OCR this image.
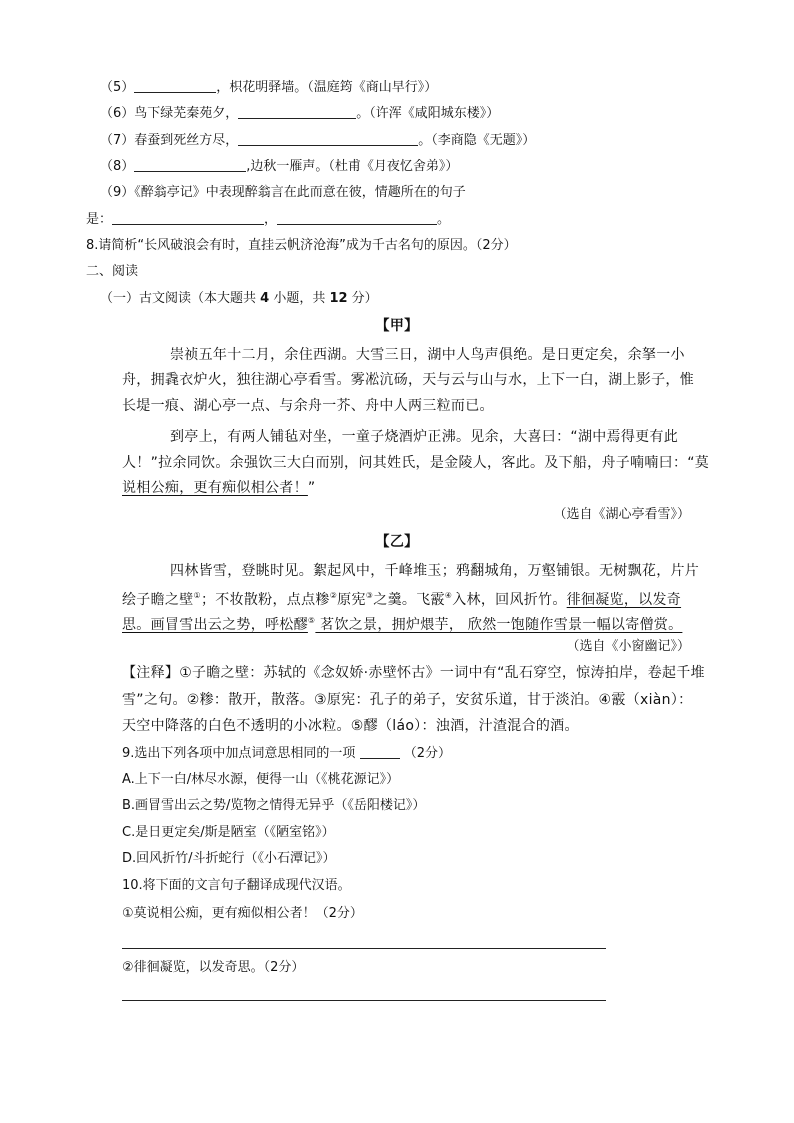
（5）	，枳花明驿墙。（温庭筠《商山早行》）
（6）鸟下绿芜秦苑夕，	。（许浑《咸阳城东楼》）
（7）春蚕到死丝方尽，	。（李商隐《无题》）
（8）	,边秋一雁声。（杜甫《月夜忆舍弟》）
（9）《醉翁亭记》中表现醉翁言在此而意在彼，情趣所在的句子
是：	，	。
8.请简析“长风破浪会有时，直挂云帆济沧海”成为千古名句的原因。（2分）
二、阅读
（一）古文阅读（本大题共 4 小题，共 12 分）
【甲】
崇祯五年十二月，余住西湖。大雪三日，湖中人鸟声俱绝。是日更定矣，余拏一小
舟，拥毳衣炉火，独往湖心亭看雪。雾凇沆砀，天与云与山与水，上下一白，湖上影子，惟
长堤一痕、湖心亭一点、与余舟一芥、舟中人两三粒而已。
到亭上，有两人铺毡对坐，一童子烧酒炉正沸。见余，大喜曰：“湖中焉得更有此
人！”拉余同饮。余强饮三大白而别，问其姓氏，是金陵人，客此。及下船，舟子喃喃曰：“莫
说相公痴，更有痴似相公者！”
（选自《湖心亭看雪》）
【乙】
四林皆雪，登眺时见。絮起风中，千峰堆玉；鸦翻城角，万壑铺银。无树飘花，片片
绘子瞻之壁①；不妆散粉，点点糁②原宪③之羹。飞霰④入林，回风折竹。徘徊凝览，以发奇
思。画冒雪出云之势，呼松醪⑤ 茗饮之景，拥炉煨芋， 欣然一饱随作雪景一幅以寄僧赏。
（选自《小窗幽记》）
【注释】①子瞻之壁：苏轼的《念奴娇·赤壁怀古》一词中有“乱石穿空，惊涛拍岸，卷起千堆
雪”之句。②糁：散开，散落。③原宪：孔子的弟子，安贫乐道，甘于淡泊。④霰（xiàn）：
天空中降落的白色不透明的小冰粒。⑤醪（láo）：浊酒，汁渣混合的酒。
9.选出下列各项中加点词意思相同的一项	（2分）
A.上下一白/林尽水源，便得一山（《桃花源记》）
B.画冒雪出云之势/览物之情得无异乎（《岳阳楼记》）
C.是日更定矣/斯是陋室（《陋室铭》）
D.回风折竹/斗折蛇行（《小石潭记》）
10.将下面的文言句子翻译成现代汉语。
①莫说相公痴，更有痴似相公者！（2分）
②徘徊凝览，以发奇思。（2分）
